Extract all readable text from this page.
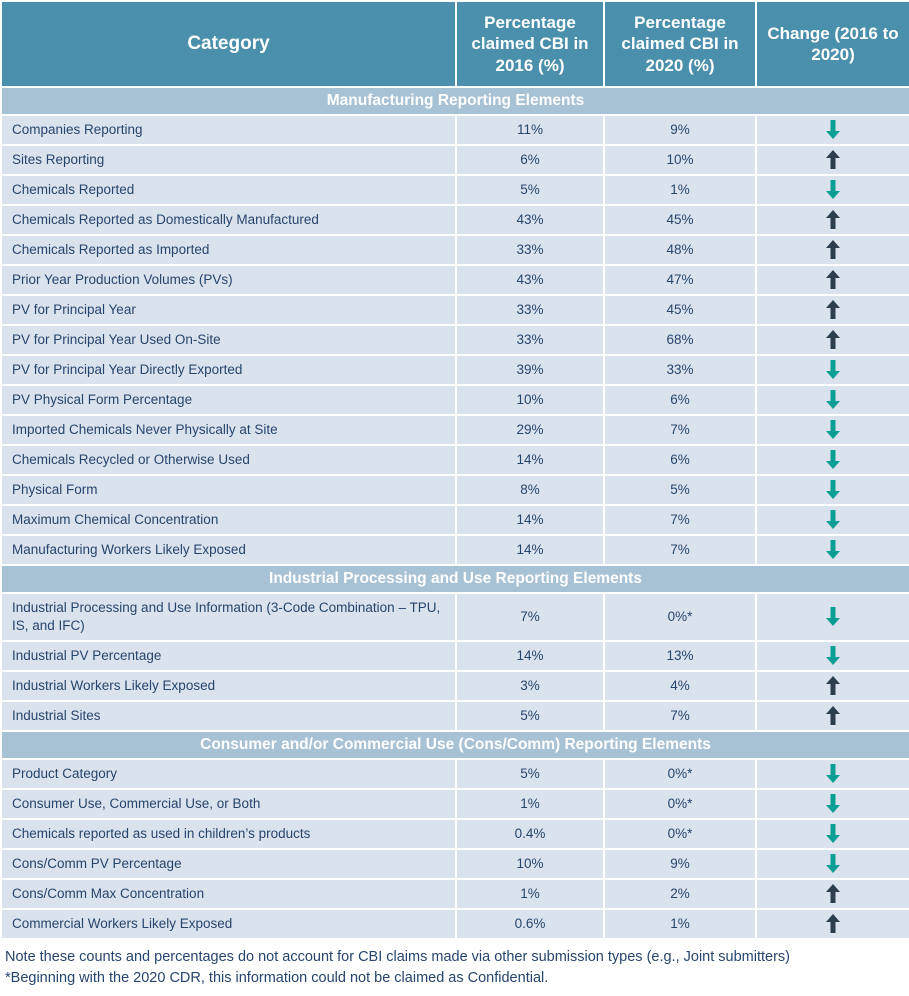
Category	Percentage claimed CBI in 2016 (%)	Percentage claimed CBI in 2020 (%)	Change (2016 to 2020)
Manufacturing Reporting Elements			
Companies Reporting	11%	9%	

Sites Reporting	6%	10%	

Chemicals Reported	5%	1%	

Chemicals Reported as Domestically Manufactured	43%	45%	

Chemicals Reported as Imported	33%	48%	

Prior Year Production Volumes (PVs)	43%	47%	

PV for Principal Year	33%	45%	

PV for Principal Year Used On-Site	33%	68%	

PV for Principal Year Directly Exported	39%	33%	

PV Physical Form Percentage	10%	6%	

Imported Chemicals Never Physically at Site	29%	7%	

Chemicals Recycled or Otherwise Used	14%	6%	

Physical Form	8%	5%	

Maximum Chemical Concentration	14%	7%	

Manufacturing Workers Likely Exposed	14%	7%	

Industrial Processing and Use Reporting Elements			
Industrial Processing and Use Information (3-Code Combination – TPU, IS, and IFC)	7%	0%*	

Industrial PV Percentage	14%	13%	

Industrial Workers Likely Exposed	3%	4%	

Industrial Sites	5%	7%	

Consumer and/or Commercial Use (Cons/Comm) Reporting Elements			
Product Category	5%	0%*	

Consumer Use, Commercial Use, or Both	1%	0%*	

Chemicals reported as used in children’s products	0.4%	0%*	

Cons/Comm PV Percentage	10%	9%	

Cons/Comm Max Concentration	1%	2%	

Commercial Workers Likely Exposed	0.6%	1%	
Note these counts and percentages do not account for CBI claims made via other submission types (e.g., Joint submitters)
*Beginning with the 2020 CDR, this information could not be claimed as Confidential.
